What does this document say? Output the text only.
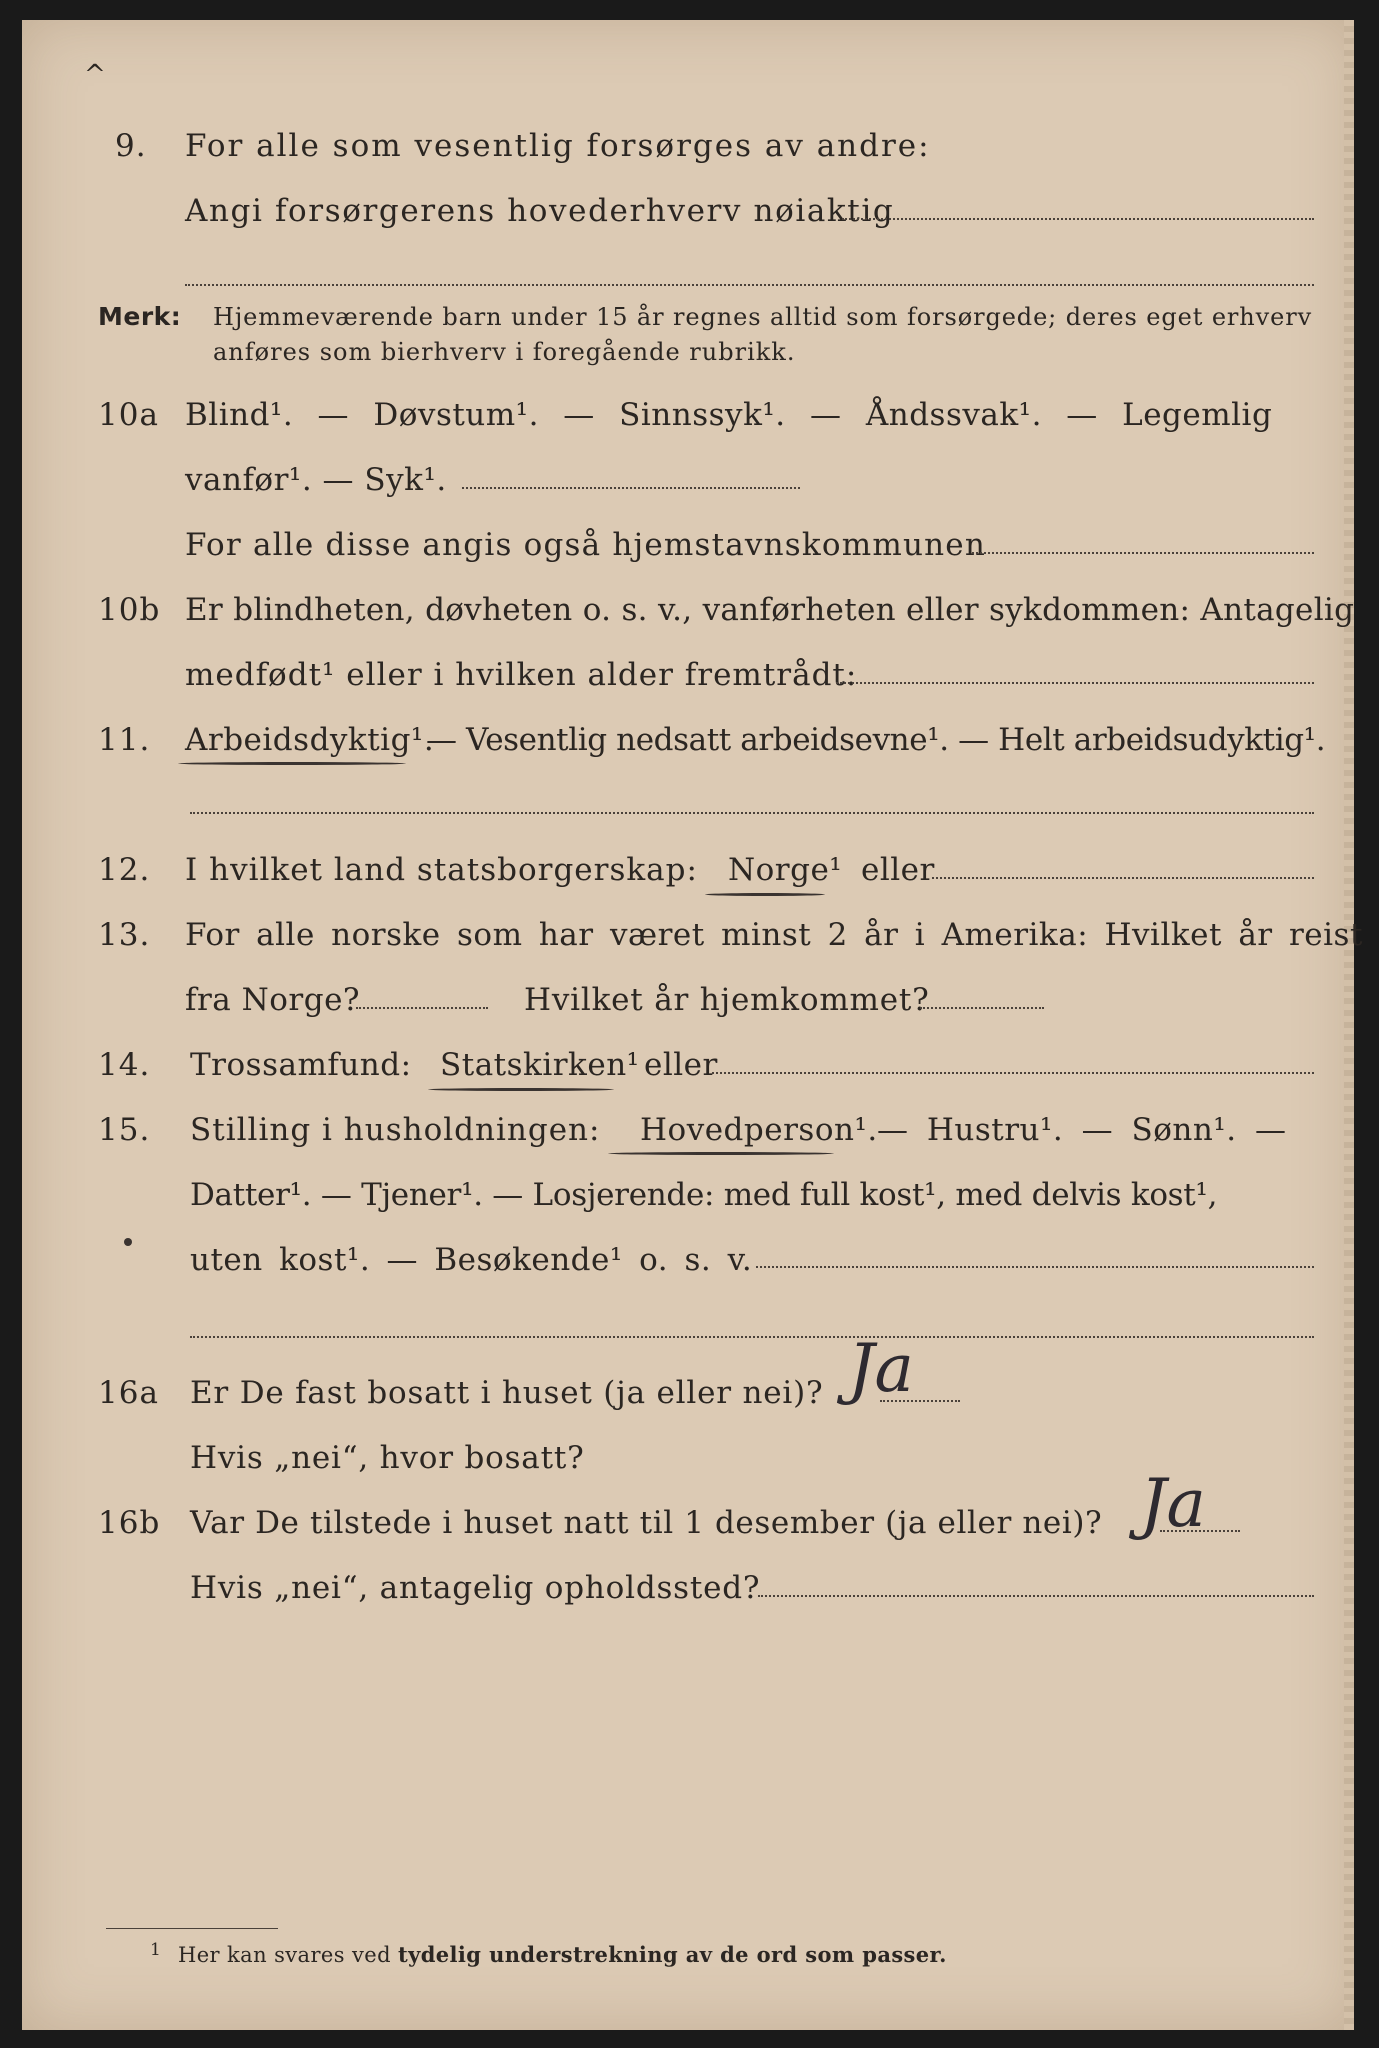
^
9. For alle som vesentlig forsørges av andre:
Angi forsørgerens hovederhverv nøiaktig
Merk: Hjemmeværende barn under 15 år regnes alltid som forsørgede; deres eget erhverv
anføres som bierhverv i foregående rubrikk.
10a Blind¹. — Døvstum¹. — Sinnssyk¹. — Åndssvak¹. — Legemlig
vanfør¹. — Syk¹.
For alle disse angis også hjemstavnskommunen
10b Er blindheten, døvheten o. s. v., vanførheten eller sykdommen: Antagelig
medfødt¹ eller i hvilken alder fremtrådt:
11. Arbeidsdyktig¹.
— Vesentlig nedsatt arbeidsevne¹. — Helt arbeidsudyktig¹.
12. I hvilket land statsborgerskap: Norge¹ eller
13. For alle norske som har været minst 2 år i Amerika: Hvilket år reist
fra Norge?	Hvilket år hjemkommet?
14. Trossamfund: Statskirken¹ eller
15. Stilling i husholdningen: Hovedperson¹. — Hustru¹. — Sønn¹. —
Datter¹. — Tjener¹. — Losjerende: med full kost¹, med delvis kost¹,
uten kost¹. — Besøkende¹ o. s. v.
16a Er De fast bosatt i huset (ja eller nei)? Ja
Hvis „nei“, hvor bosatt?
16b Var De tilstede i huset natt til 1 desember (ja eller nei)? Ja
Hvis „nei“, antagelig opholdssted?
1 Her kan svares ved tydelig understrekning av de ord som passer.
